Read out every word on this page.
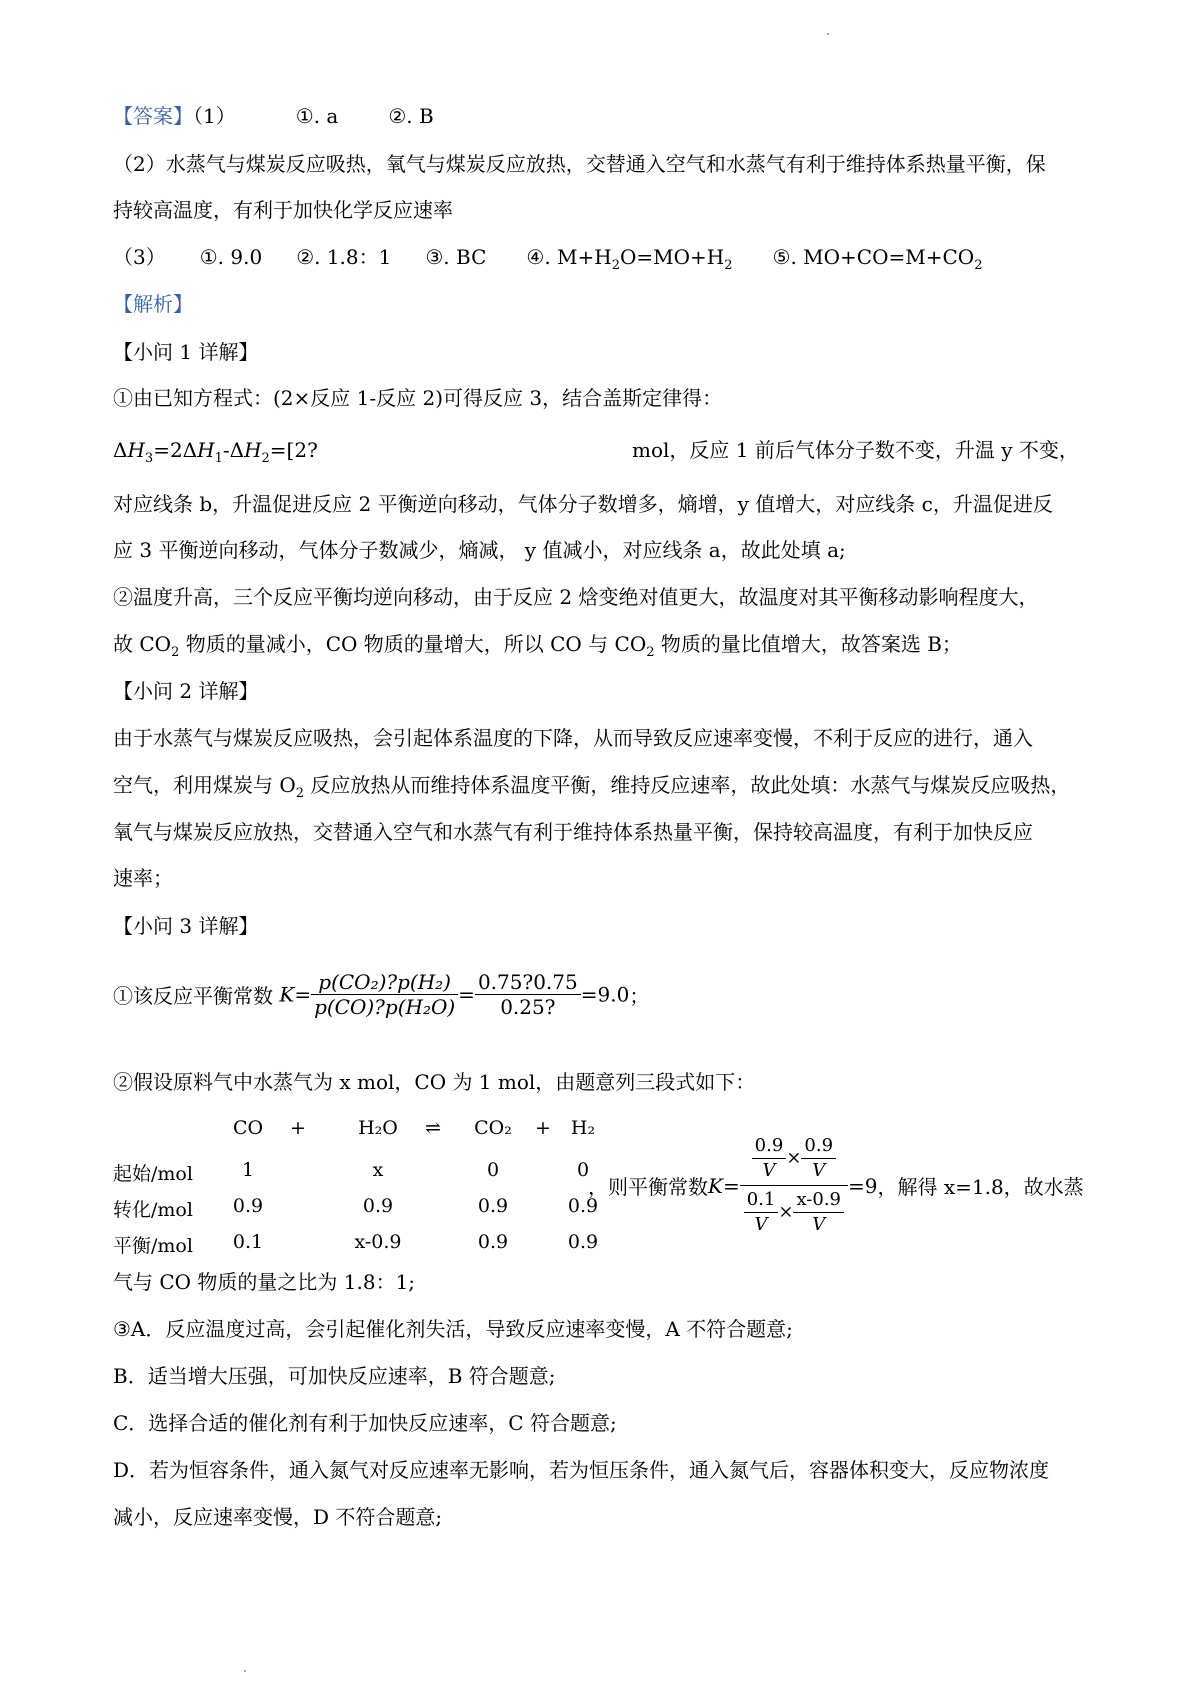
【答案】（1）	①. a	②. B
（2）水蒸气与煤炭反应吸热，氧气与煤炭反应放热，交替通入空气和水蒸气有利于维持体系热量平衡，保
持较高温度，有利于加快化学反应速率
（3） ①. 9.0 ②. 1.8：1 ③. BC ④. $M+H_2O=MO+H_2$ ⑤. $MO+CO=M+CO_2$
【解析】
【小问 1 详解】
①由已知方程式：(2×反应 1-反应 2)可得反应 3，结合盖斯定律得：
$\Delta H_3=2\Delta H_1-\Delta H_2=[2$?	mol，反应 1 前后气体分子数不变，升温 y 不变，
对应线条 b，升温促进反应 2 平衡逆向移动，气体分子数增多，熵增，y 值增大，对应线条 c，升温促进反
应 3 平衡逆向移动，气体分子数减少，熵减， y 值减小，对应线条 a，故此处填 a;
②温度升高，三个反应平衡均逆向移动，由于反应 2 焓变绝对值更大，故温度对其平衡移动影响程度大，
故 $CO_2$ 物质的量减小，CO 物质的量增大，所以 CO 与 $CO_2$ 物质的量比值增大，故答案选 B；
【小问 2 详解】
由于水蒸气与煤炭反应吸热，会引起体系温度的下降，从而导致反应速率变慢，不利于反应的进行，通入
空气，利用煤炭与 $O_2$ 反应放热从而维持体系温度平衡，维持反应速率，故此处填：水蒸气与煤炭反应吸热，
氧气与煤炭反应放热，交替通入空气和水蒸气有利于维持体系热量平衡，保持较高温度，有利于加快反应
速率；
【小问 3 详解】
①该反应平衡常数 $K= \frac{\text{p(CO₂)?p(H₂)}}{\text{p(CO)?p(H₂O)}} = \frac{0.75?0.75}{0.25?} =9.0$；
②假设原料气中水蒸气为 x mol，CO 为 1 mol，由题意列三段式如下：
CO	+	H₂O	⇌	CO₂	+	H₂
起始/mol	1	x	0	0
转化/mol	0.9	0.9	0.9	0.9
平衡/mol	0.1	x-0.9	0.9	0.9
，则平衡常数 $K = \frac{\frac{0.9}{V} \times \frac{0.9}{V}}{\frac{0.1}{V} \times \frac{x-0.9}{V}} =9$ ，解得 x=1.8，故水蒸
气与 CO 物质的量之比为 1.8：1;
③A．反应温度过高，会引起催化剂失活，导致反应速率变慢，A 不符合题意;
B．适当增大压强，可加快反应速率，B 符合题意;
C．选择合适的催化剂有利于加快反应速率，C 符合题意;
D．若为恒容条件，通入氮气对反应速率无影响，若为恒压条件，通入氮气后，容器体积变大，反应物浓度
减小，反应速率变慢，D 不符合题意;
